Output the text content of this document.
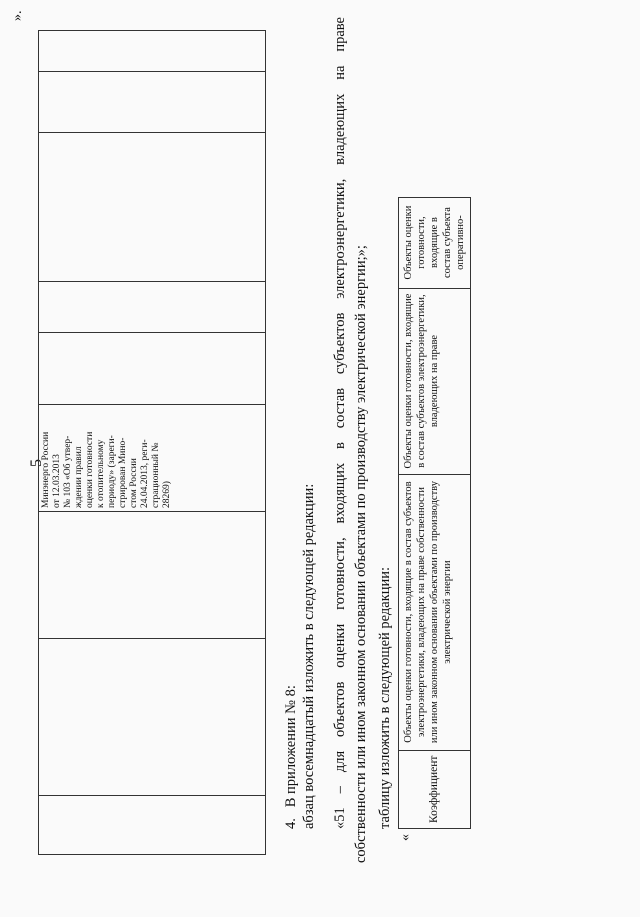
5

Минэнерго России от 12.03.2013 № 103 «Об утвер- ждении правил оценки готовности к отопительному периоду» (зареги- стрирован Мино- стом России 24.04.2013, реги- страционный № 28269)

».
4.   В приложении № 8: абзац восемнадцатый изложить в следующей редакции: «51 – для объектов оценки готовности, входящих в состав субъектов электроэнергетики, владеющих на праве собственности или ином законном основании объектами по производству электрической энергии;»; таблицу изложить в следующей редакции:
«
Коэффициент	Объекты оценки готовности, входящие в состав субъектов электроэнергетики, владеющих на праве собственности или ином законном основании объектами по производству электрической энергии	Объекты оценки готовности, входящие в состав субъектов электроэнергетики, владеющих на праве	Объекты оценки готовности, входящие в состав субъекта оперативно-
